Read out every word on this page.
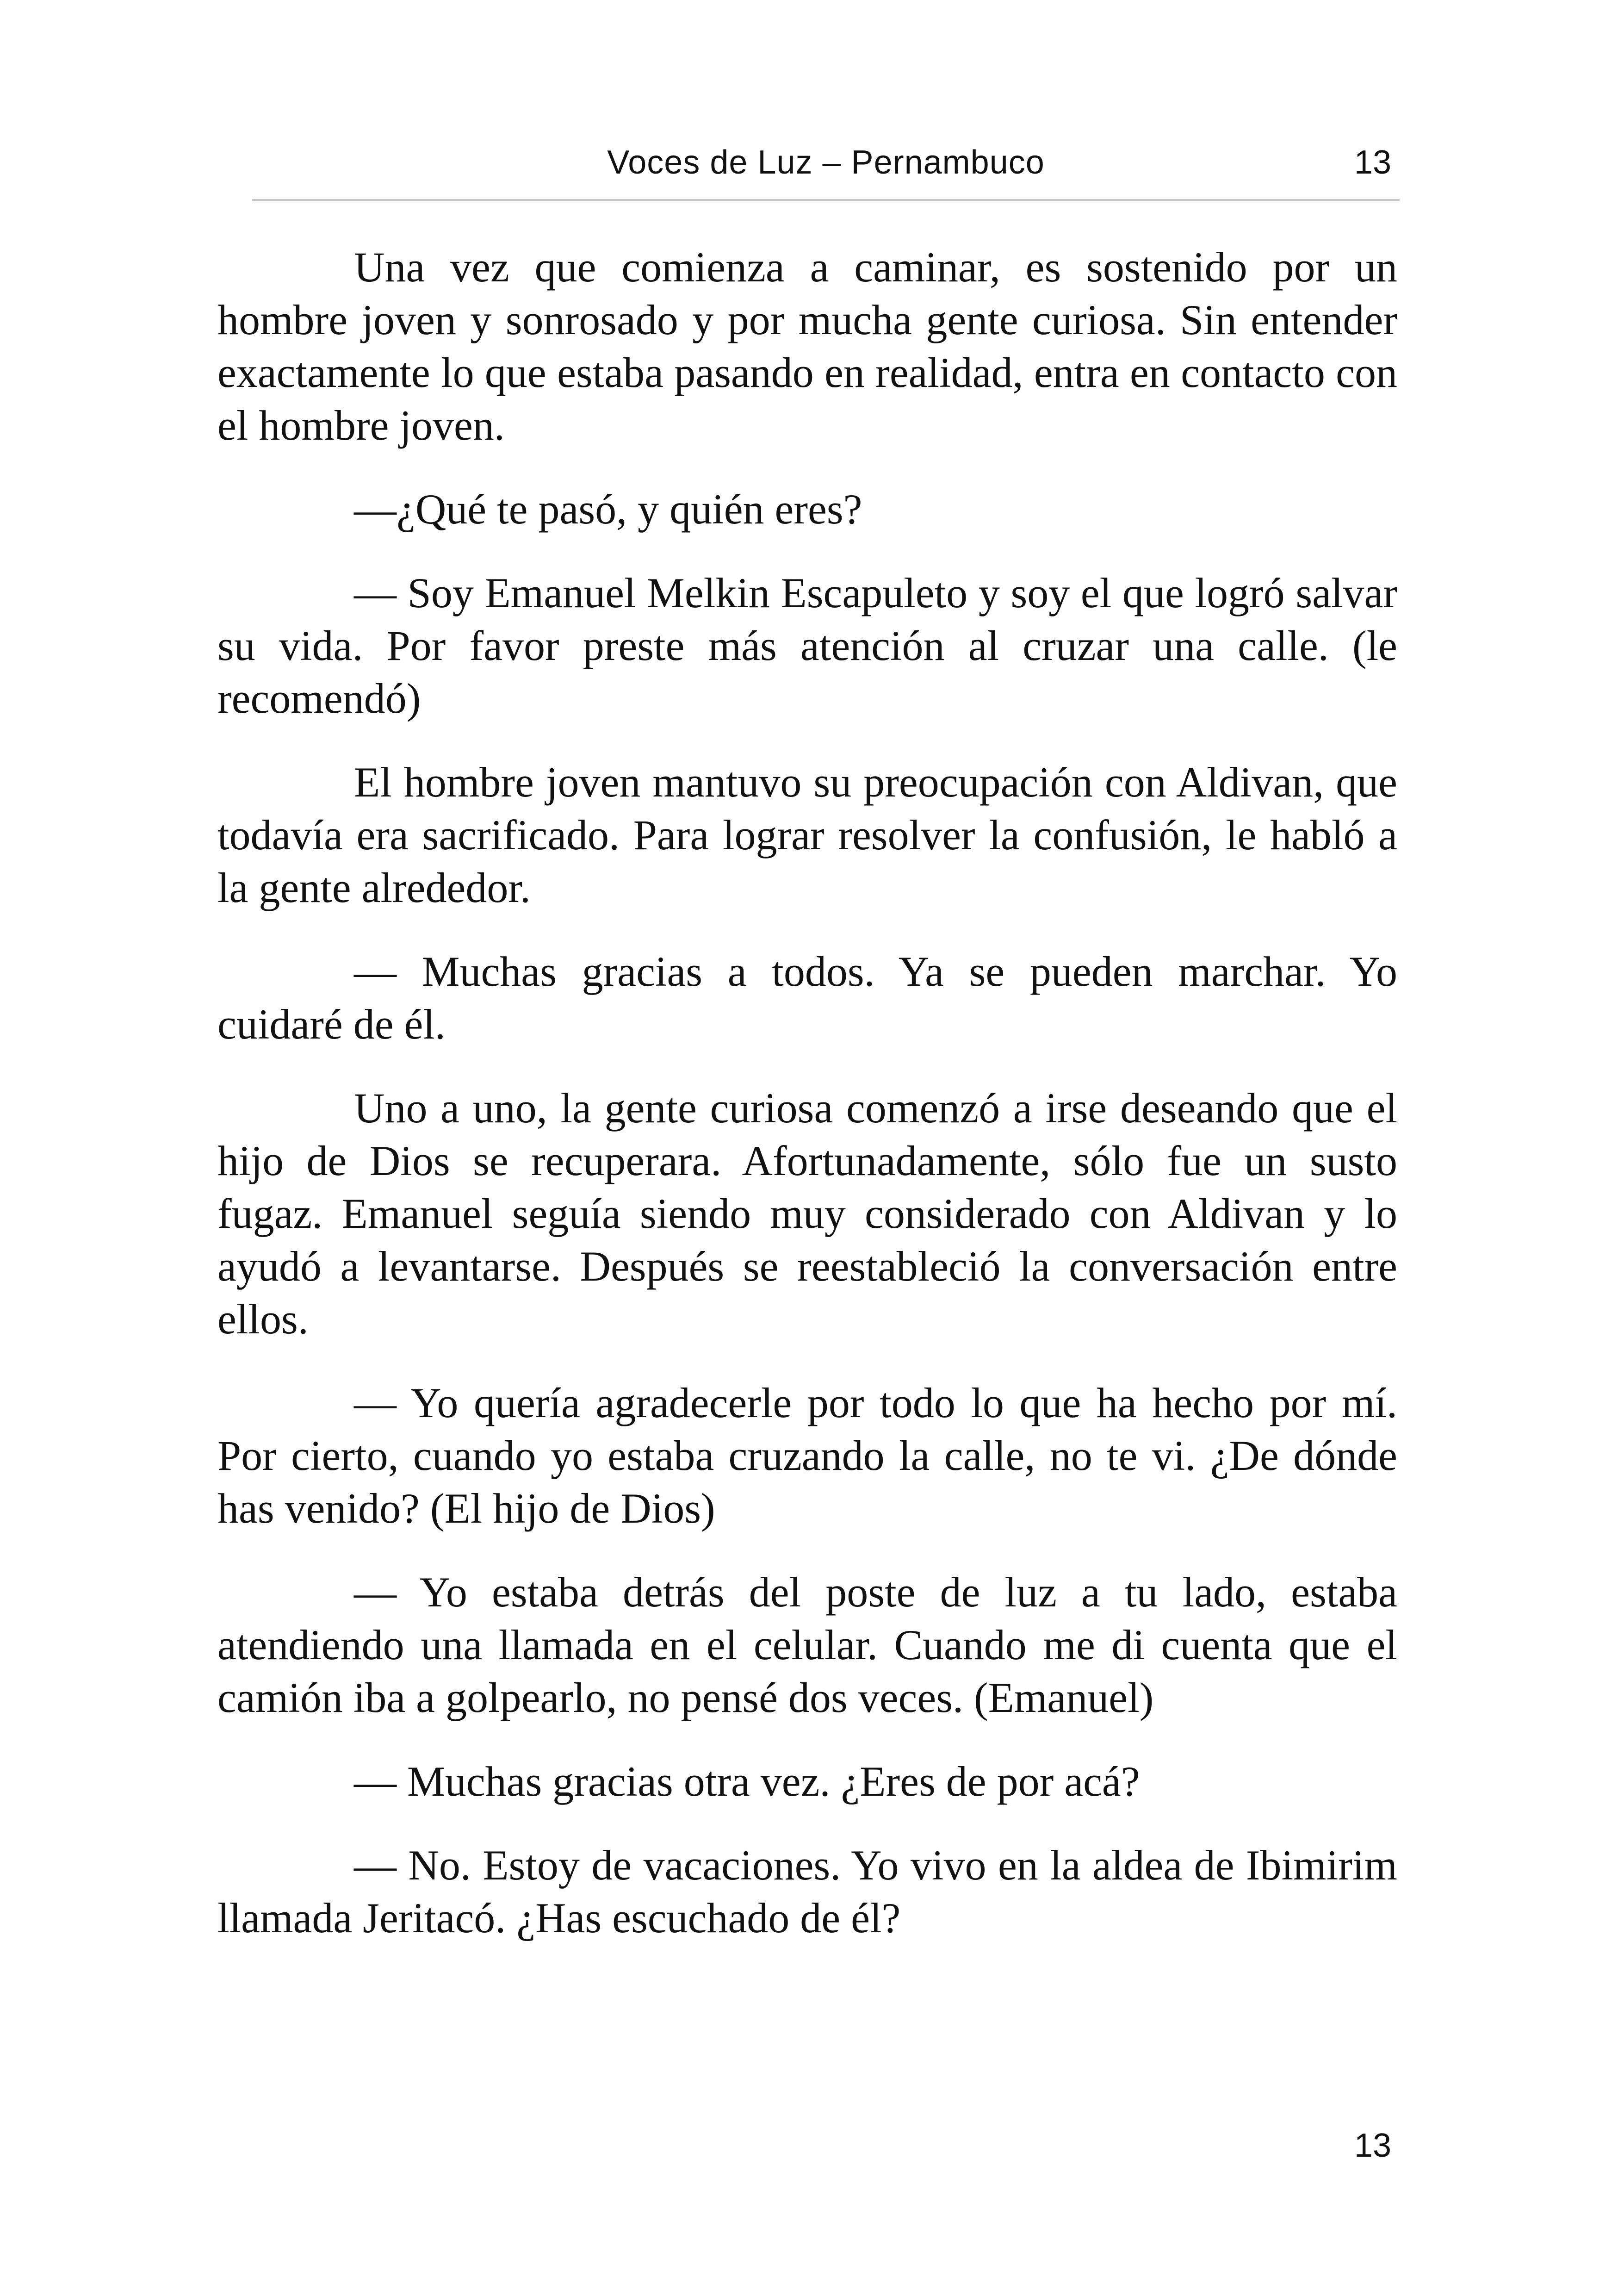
Voces de Luz – Pernambuco	13

Una vez que comienza a caminar, es sostenido por un hombre joven y sonrosado y por mucha gente curiosa. Sin entender exactamente lo que estaba pasando en realidad, entra en contacto con el hombre joven.

—¿Qué te pasó, y quién eres?

— Soy Emanuel Melkin Escapuleto y soy el que logró salvar su vida. Por favor preste más atención al cruzar una calle. (le recomendó)

El hombre joven mantuvo su preocupación con Aldivan, que todavía era sacrificado. Para lograr resolver la confusión, le habló a la gente alrededor.

— Muchas gracias a todos. Ya se pueden marchar. Yo cuidaré de él.

Uno a uno, la gente curiosa comenzó a irse deseando que el hijo de Dios se recuperara. Afortunadamente, sólo fue un susto fugaz. Emanuel seguía siendo muy considerado con Aldivan y lo ayudó a levantarse. Después se reestableció la conversación entre ellos.

— Yo quería agradecerle por todo lo que ha hecho por mí. Por cierto, cuando yo estaba cruzando la calle, no te vi. ¿De dónde has venido? (El hijo de Dios)

— Yo estaba detrás del poste de luz a tu lado, estaba atendiendo una llamada en el celular. Cuando me di cuenta que el camión iba a golpearlo, no pensé dos veces. (Emanuel)

— Muchas gracias otra vez. ¿Eres de por acá?

— No. Estoy de vacaciones. Yo vivo en la aldea de Ibimirim llamada Jeritacó. ¿Has escuchado de él?

13
